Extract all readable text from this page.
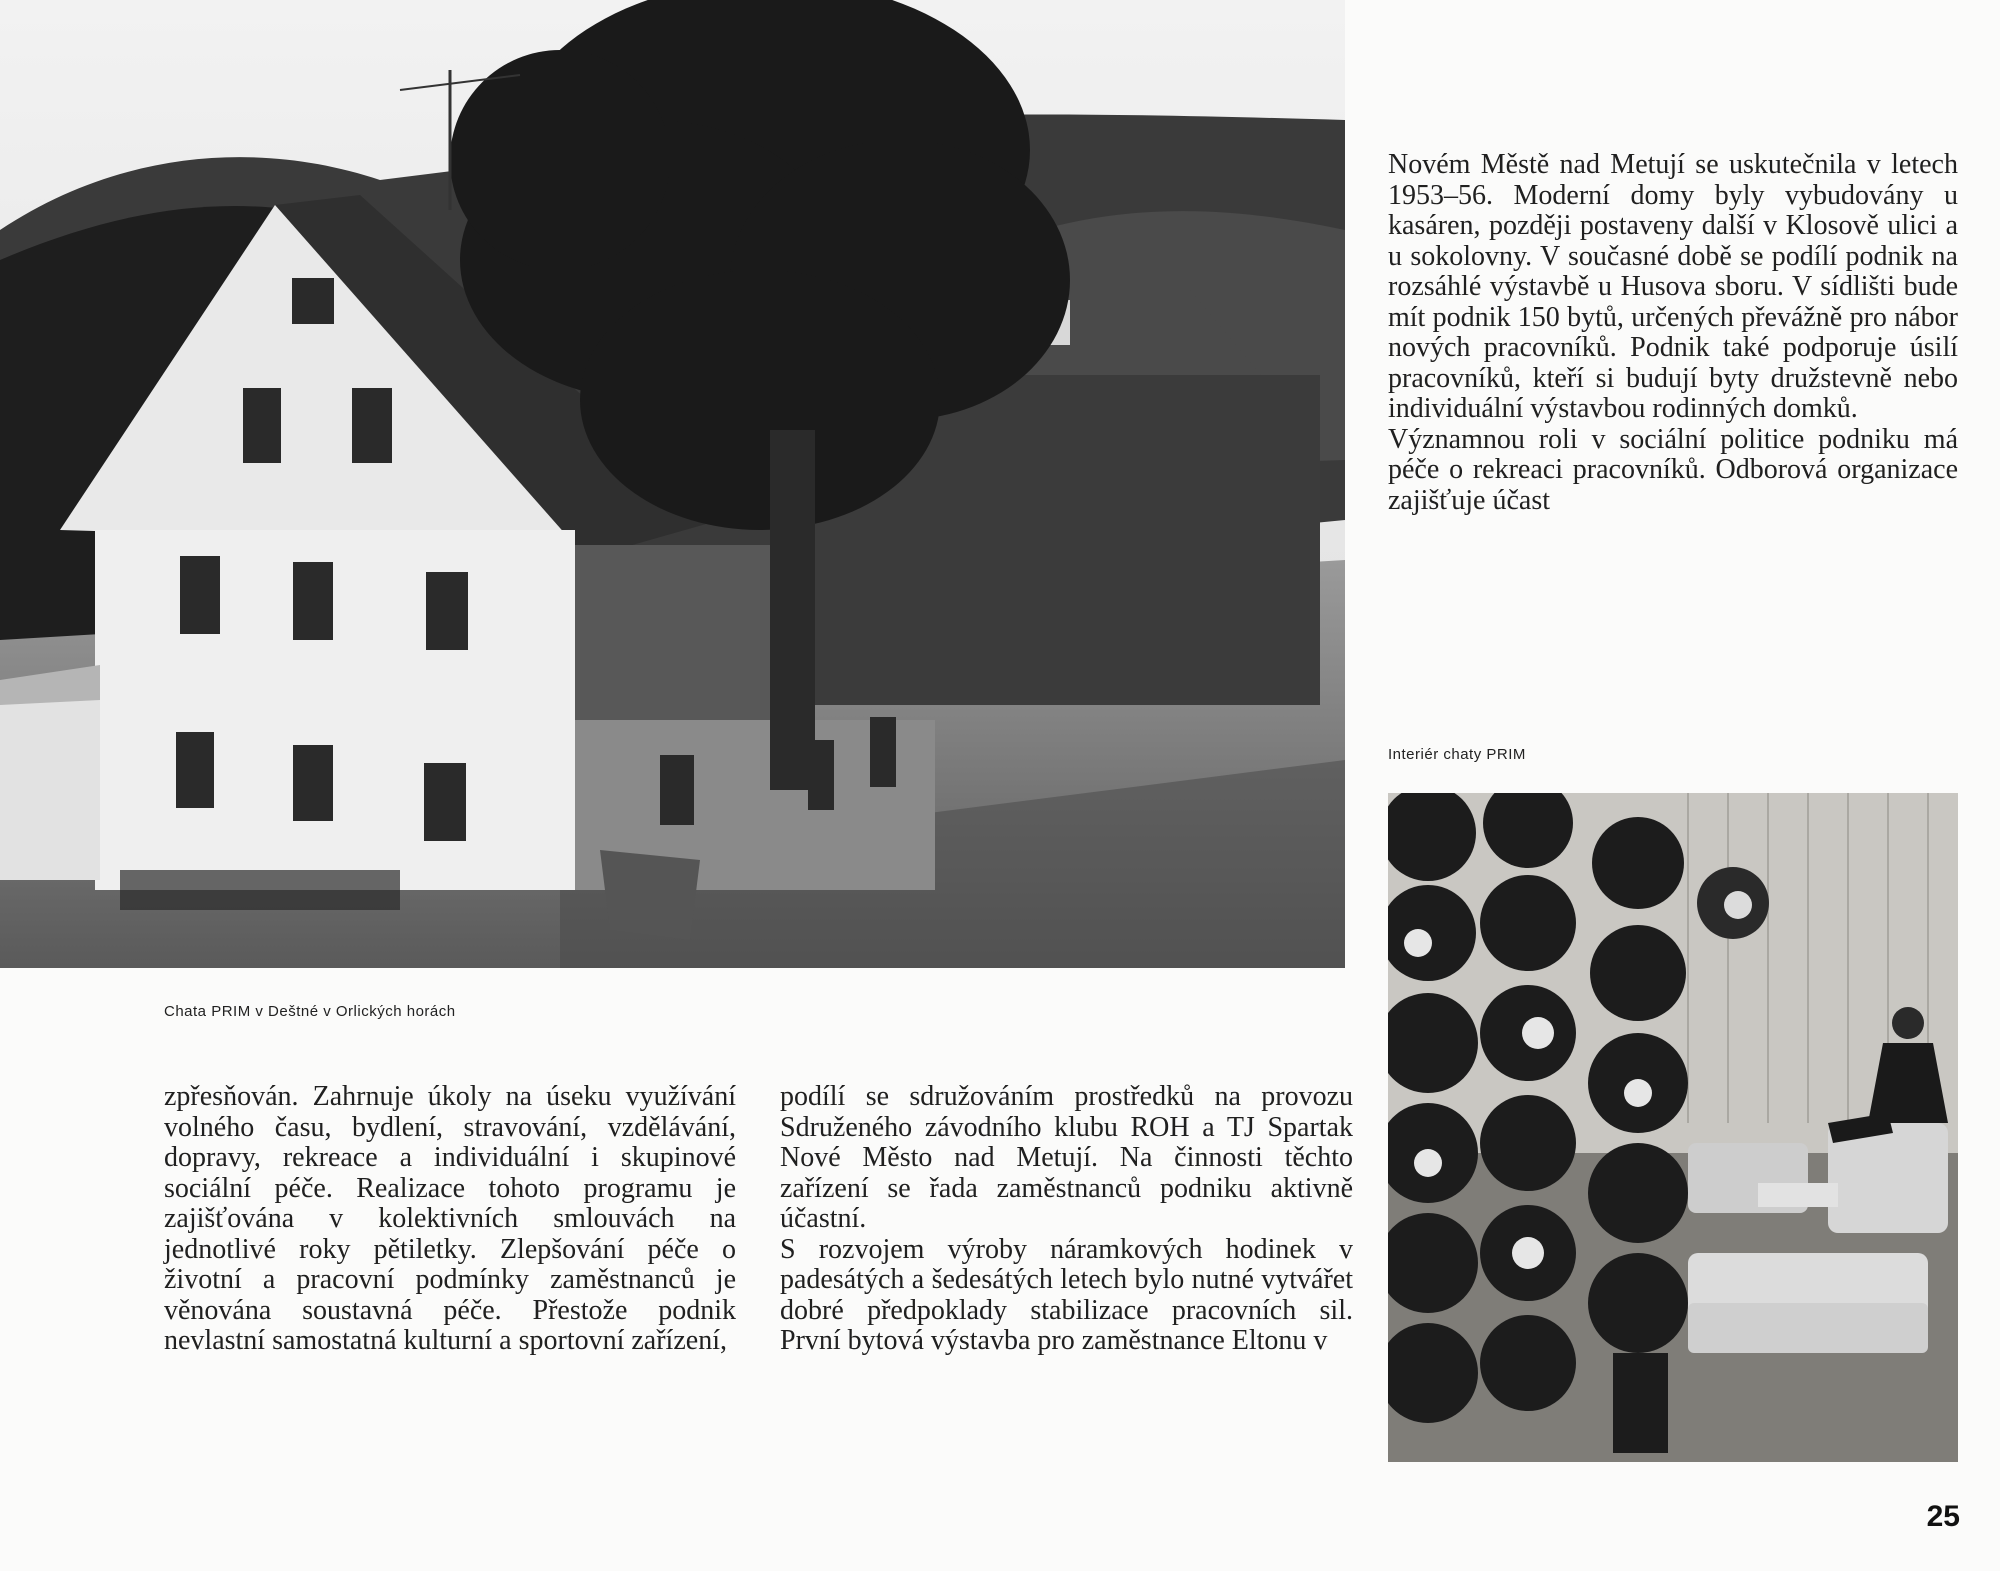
Chata PRIM v Deštné v Orlických horách

Novém Městě nad Metují se uskutečnila v letech 1953–56. Moderní domy byly vybudovány u kasáren, později postaveny další v Klosově ulici a u sokolovny. V současné době se podílí podnik na rozsáhlé výstavbě u Husova sboru. V sídlišti bude mít podnik 150 bytů, určených převážně pro nábor nových pracovníků. Podnik také podporuje úsilí pracovníků, kteří si budují byty družstevně nebo individuální výstavbou rodinných domků.

Významnou roli v sociální politice podniku má péče o rekreaci pracovníků. Odborová organizace zajišťuje účast

Interiér chaty PRIM

zpřesňován. Zahrnuje úkoly na úseku využívání volného času, bydlení, stravování, vzdělávání, dopravy, rekreace a individuální i skupinové sociální péče. Realizace tohoto programu je zajišťována v kolektivních smlouvách na jednotlivé roky pětiletky. Zlepšování péče o životní a pracovní podmínky zaměstnanců je věnována soustavná péče. Přestože podnik nevlastní samostatná kulturní a sportovní zařízení,

podílí se sdružováním prostředků na provozu Sdruženého závodního klubu ROH a TJ Spartak Nové Město nad Metují. Na činnosti těchto zařízení se řada zaměstnanců podniku aktivně účastní.

S rozvojem výroby náramkových hodinek v padesátých a šedesátých letech bylo nutné vytvářet dobré předpoklady stabilizace pracovních sil. První bytová výstavba pro zaměstnance Eltonu v

25
